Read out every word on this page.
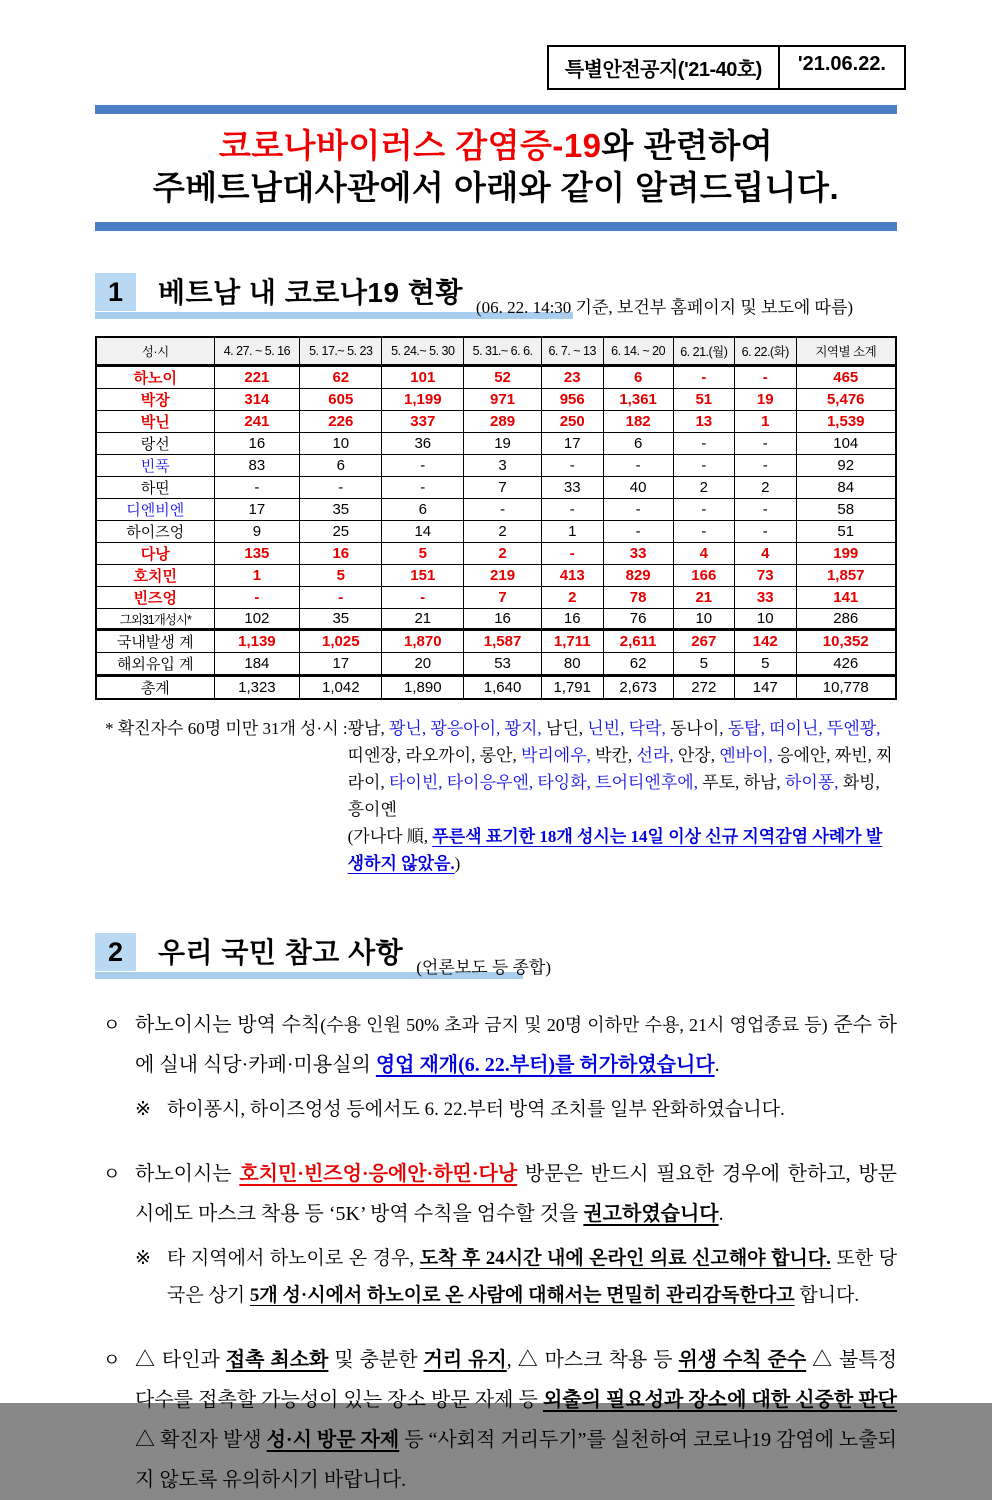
특별안전공지('21-40호)	'21.06.22.
코로나바이러스 감염증-19와 관련하여
주베트남대사관에서 아래와 같이 알려드립니다.
1	베트남 내 코로나19 현황 (06. 22. 14:30 기준, 보건부 홈페이지 및 보도에 따름)
성·시	4. 27. ~ 5. 16	5. 17.~ 5. 23	5. 24.~ 5. 30	5. 31.~ 6. 6.	6. 7. ~ 13	6. 14. ~ 20	6. 21.(월)	6. 22.(화)	지역별 소계
하노이	221	62	101	52	23	6	-	-	465
박장	314	605	1,199	971	956	1,361	51	19	5,476
박닌	241	226	337	289	250	182	13	1	1,539
랑선	16	10	36	19	17	6	-	-	104
빈푹	83	6	-	3	-	-	-	-	92
하띤	-	-	-	7	33	40	2	2	84
디엔비엔	17	35	6	-	-	-	-	-	58
하이즈엉	9	25	14	2	1	-	-	-	51
다낭	135	16	5	2	-	33	4	4	199
호치민	1	5	151	219	413	829	166	73	1,857
빈즈엉	-	-	-	7	2	78	21	33	141
그외31개성시*	102	35	21	16	16	76	10	10	286
국내발생 계	1,139	1,025	1,870	1,587	1,711	2,611	267	142	10,352
해외유입 계	184	17	20	53	80	62	5	5	426
총계	1,323	1,042	1,890	1,640	1,791	2,673	272	147	10,778
* 확진자수 60명 미만 31개 성·시 : 꽝남, 꽝닌, 꽝응아이, 꽝지, 남딘, 닌빈, 닥락, 동나이, 동탑, 떠이닌, 뚜엔꽝, 띠엔장, 라오까이, 롱안, 박리에우, 박칸, 선라, 안장, 옌바이, 응에안, 짜빈, 찌라이, 타이빈, 타이응우엔, 타잉화, 트어티엔후에, 푸토, 하남, 하이퐁, 화빙, 흥이옌
(가나다 順, 푸른색 표기한 18개 성시는 14일 이상 신규 지역감염 사례가 발생하지 않았음.)
2	우리 국민 참고 사항 (언론보도 등 종합)
ㅇ 하노이시는 방역 수칙(수용 인원 50% 초과 금지 및 20명 이하만 수용, 21시 영업종료 등) 준수 하에 실내 식당·카페·미용실의 영업 재개(6. 22.부터)를 허가하였습니다.
※ 하이퐁시, 하이즈엉성 등에서도 6. 22.부터 방역 조치를 일부 완화하였습니다.
ㅇ 하노이시는 호치민·빈즈엉·응에안·하띤·다낭 방문은 반드시 필요한 경우에 한하고, 방문 시에도 마스크 착용 등 ‘5K’ 방역 수칙을 엄수할 것을 권고하였습니다.
※ 타 지역에서 하노이로 온 경우, 도착 후 24시간 내에 온라인 의료 신고해야 합니다. 또한 당국은 상기 5개 성·시에서 하노이로 온 사람에 대해서는 면밀히 관리감독한다고 합니다.
ㅇ △ 타인과 접촉 최소화 및 충분한 거리 유지, △ 마스크 착용 등 위생 수칙 준수 △ 불특정 다수를 접촉할 가능성이 있는 장소 방문 자제 등 외출의 필요성과 장소에 대한 신중한 판단 △ 확진자 발생 성·시 방문 자제 등 “사회적 거리두기”를 실천하여 코로나19 감염에 노출되지 않도록 유의하시기 바랍니다.
